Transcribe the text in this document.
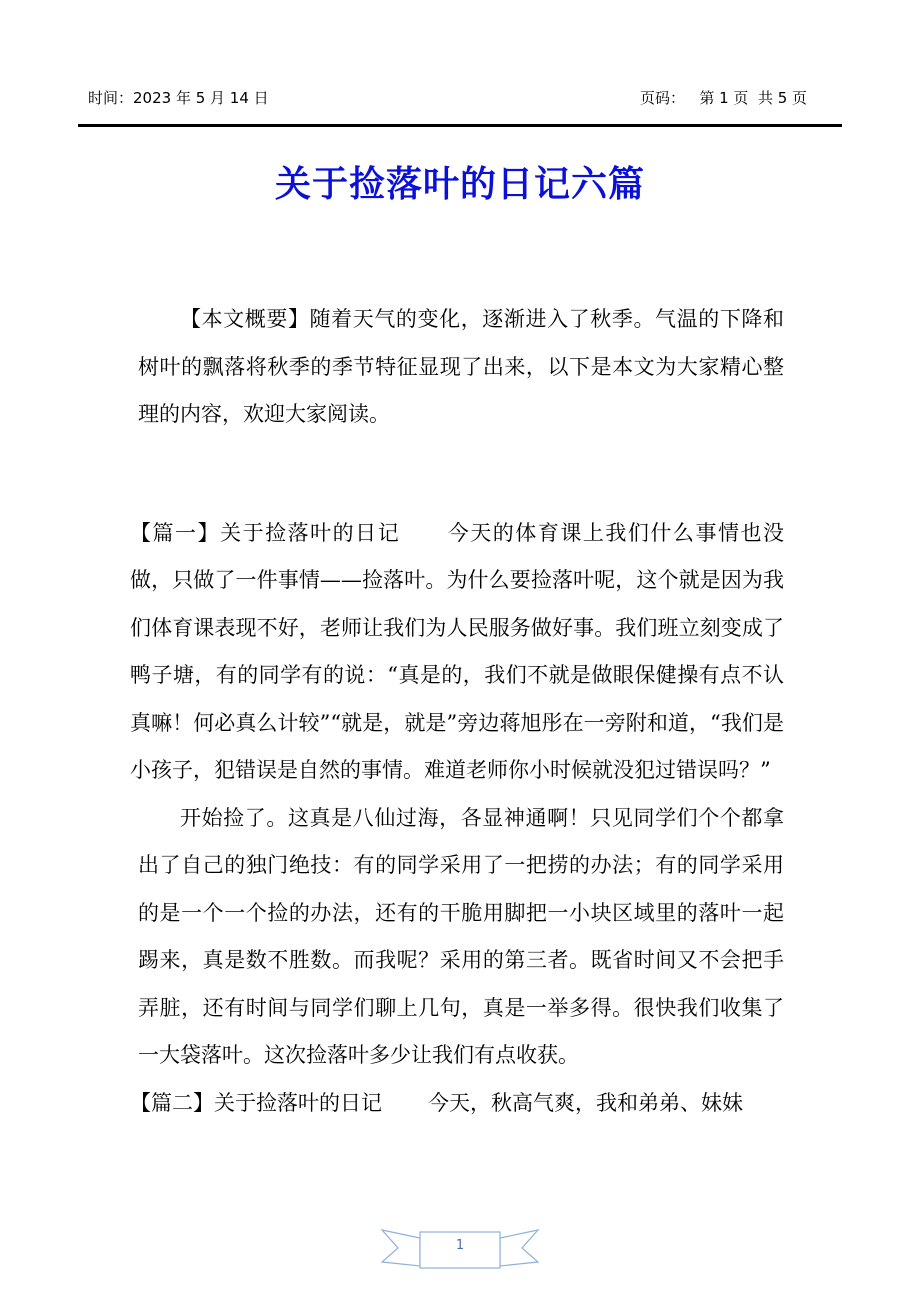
时间：2023 年 5 月 14 日	页码： 第 1 页  共 5 页
关于捡落叶的日记六篇

【本文概要】随着天气的变化，逐渐进入了秋季。气温的下降和树叶的飘落将秋季的季节特征显现了出来，以下是本文为大家精心整理的内容，欢迎大家阅读。

【篇一】关于捡落叶的日记 今天的体育课上我们什么事情也没做，只做了一件事情——捡落叶。为什么要捡落叶呢，这个就是因为我们体育课表现不好，老师让我们为人民服务做好事。我们班立刻变成了鸭子塘，有的同学有的说：“真是的，我们不就是做眼保健操有点不认真嘛！何必真么计较”“就是，就是”旁边蒋旭彤在一旁附和道，“我们是小孩子，犯错误是自然的事情。难道老师你小时候就没犯过错误吗？”

开始捡了。这真是八仙过海，各显神通啊！只见同学们个个都拿出了自己的独门绝技：有的同学采用了一把捞的办法；有的同学采用的是一个一个捡的办法，还有的干脆用脚把一小块区域里的落叶一起踢来，真是数不胜数。而我呢？采用的第三者。既省时间又不会把手弄脏，还有时间与同学们聊上几句，真是一举多得。很快我们收集了一大袋落叶。这次捡落叶多少让我们有点收获。

【篇二】关于捡落叶的日记 今天，秋高气爽，我和弟弟、妹妹

1
